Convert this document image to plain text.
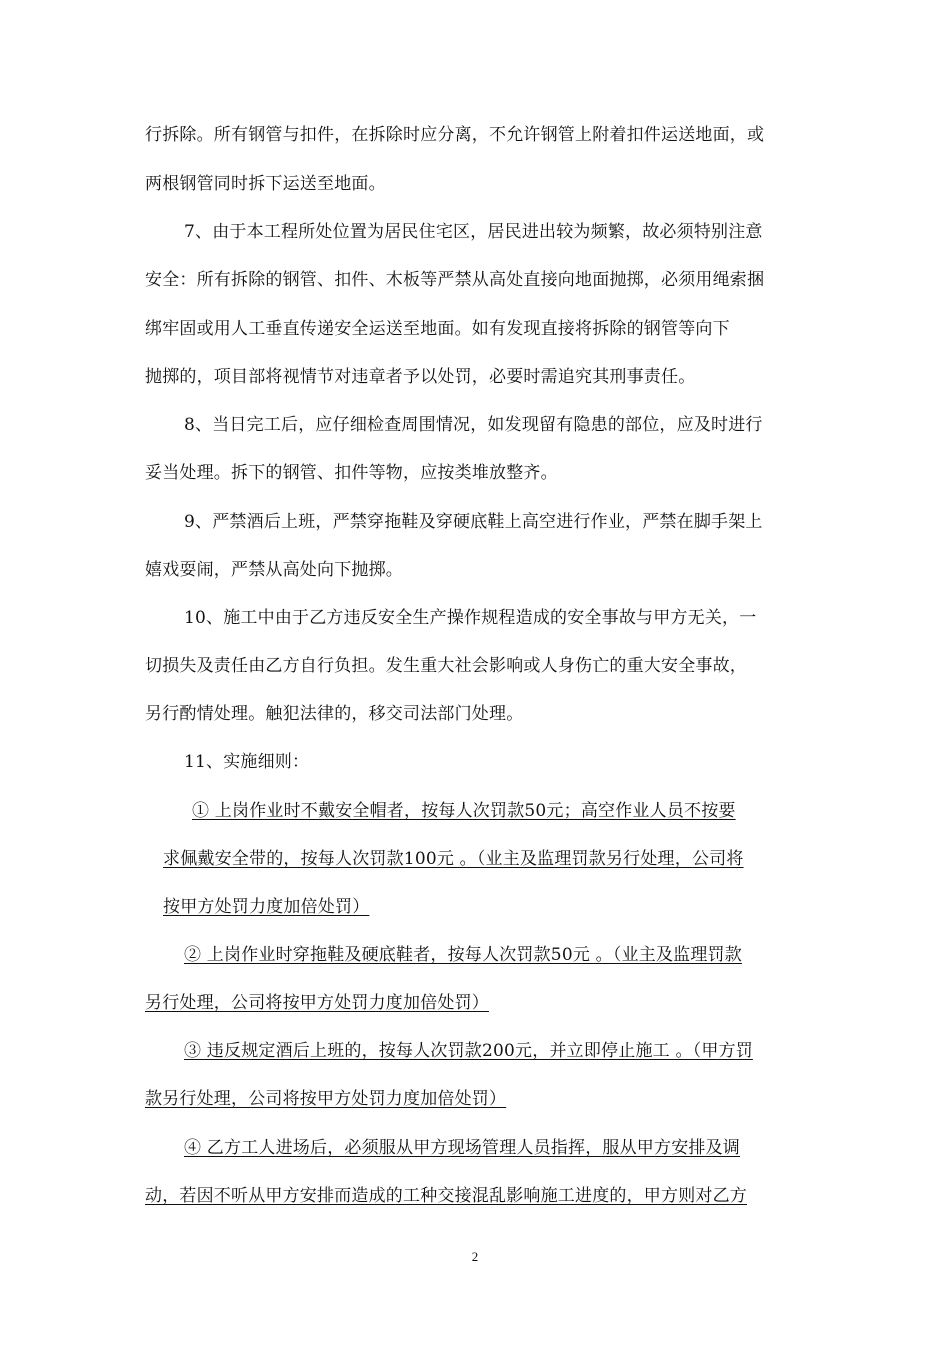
行拆除。所有钢管与扣件，在拆除时应分离，不允许钢管上附着扣件运送地面，或
两根钢管同时拆下运送至地面。
7、由于本工程所处位置为居民住宅区，居民进出较为频繁，故必须特别注意
安全：所有拆除的钢管、扣件、木板等严禁从高处直接向地面抛掷，必须用绳索捆
绑牢固或用人工垂直传递安全运送至地面。如有发现直接将拆除的钢管等向下
抛掷的，项目部将视情节对违章者予以处罚，必要时需追究其刑事责任。
8、当日完工后，应仔细检查周围情况，如发现留有隐患的部位，应及时进行
妥当处理。拆下的钢管、扣件等物，应按类堆放整齐。
9、严禁酒后上班，严禁穿拖鞋及穿硬底鞋上高空进行作业，严禁在脚手架上
嬉戏耍闹，严禁从高处向下抛掷。
10、施工中由于乙方违反安全生产操作规程造成的安全事故与甲方无关，一
切损失及责任由乙方自行负担。发生重大社会影响或人身伤亡的重大安全事故，
另行酌情处理。触犯法律的，移交司法部门处理。
11、实施细则：
① 上岗作业时不戴安全帽者，按每人次罚款50元；高空作业人员不按要
求佩戴安全带的，按每人次罚款100元 。（业主及监理罚款另行处理，公司将
按甲方处罚力度加倍处罚）
② 上岗作业时穿拖鞋及硬底鞋者，按每人次罚款50元 。（业主及监理罚款
另行处理，公司将按甲方处罚力度加倍处罚）
③ 违反规定酒后上班的，按每人次罚款200元，并立即停止施工 。（甲方罚
款另行处理，公司将按甲方处罚力度加倍处罚）
④ 乙方工人进场后，必须服从甲方现场管理人员指挥，服从甲方安排及调
动，若因不听从甲方安排而造成的工种交接混乱影响施工进度的，甲方则对乙方
2
